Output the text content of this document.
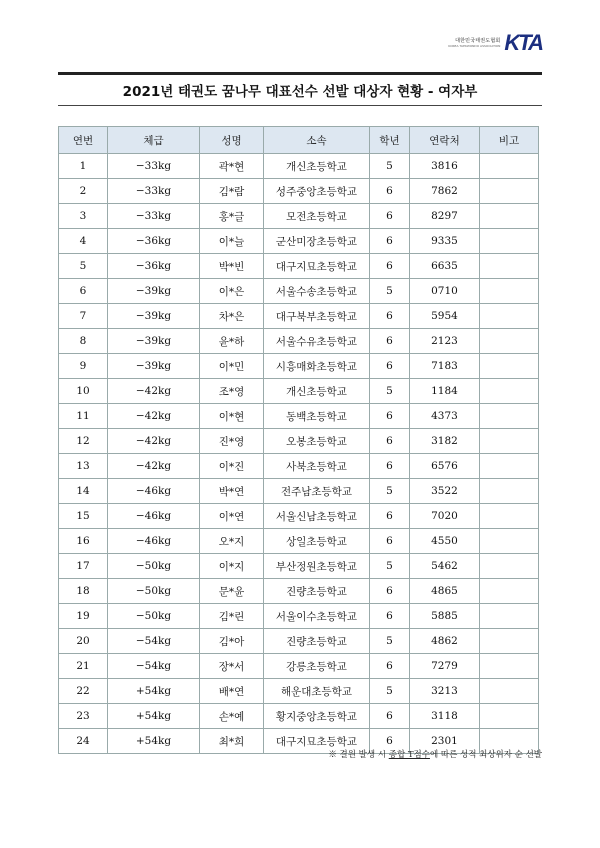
대한민국태권도협회
KOREA TAEKWONDO ASSOCIATION KTA
2021년 태권도 꿈나무 대표선수 선발 대상자 현황 - 여자부
연번	체급	성명	소속	학년	연락처	비고
1	−33kg	곽*현	개신초등학교	5	3816	
2	−33kg	김*람	성주중앙초등학교	6	7862	
3	−33kg	홍*글	모전초등학교	6	8297	
4	−36kg	이*늘	군산미장초등학교	6	9335	
5	−36kg	박*빈	대구지묘초등학교	6	6635	
6	−39kg	이*은	서울수송초등학교	5	0710	
7	−39kg	차*은	대구북부초등학교	6	5954	
8	−39kg	윤*하	서울수유초등학교	6	2123	
9	−39kg	이*민	시흥매화초등학교	6	7183	
10	−42kg	조*영	개신초등학교	5	1184	
11	−42kg	이*현	동백초등학교	6	4373	
12	−42kg	진*영	오봉초등학교	6	3182	
13	−42kg	이*진	사북초등학교	6	6576	
14	−46kg	박*연	전주남초등학교	5	3522	
15	−46kg	이*연	서울신남초등학교	6	7020	
16	−46kg	오*지	상일초등학교	6	4550	
17	−50kg	이*지	부산정원초등학교	5	5462	
18	−50kg	문*윤	진량초등학교	6	4865	
19	−50kg	김*린	서울이수초등학교	6	5885	
20	−54kg	김*아	진량초등학교	5	4862	
21	−54kg	장*서	강릉초등학교	6	7279	
22	+54kg	배*연	해운대초등학교	5	3213	
23	+54kg	손*예	황지중앙초등학교	6	3118	
24	+54kg	최*희	대구지묘초등학교	6	2301	
※ 결원 발생 시 종합 T점수에 따른 성적 최상위자 순 선발
